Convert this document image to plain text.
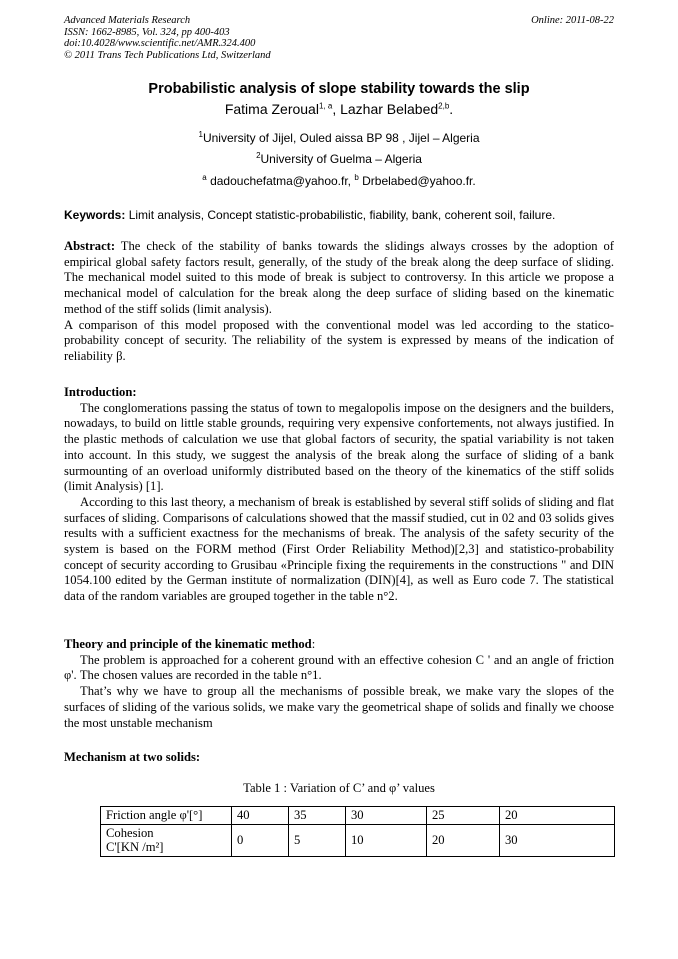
Advanced Materials Research
ISSN: 1662-8985, Vol. 324, pp 400-403
doi:10.4028/www.scientific.net/AMR.324.400
© 2011 Trans Tech Publications Ltd, Switzerland
Online: 2011-08-22
Probabilistic analysis of slope stability towards the slip
Fatima Zeroual$^{1, a}$, Lazhar Belabed$^{2,b}$.
$^1$University of Jijel, Ouled aissa BP 98 , Jijel – Algeria
$^2$University of Guelma – Algeria
$^a$ dadouchefatma@yahoo.fr, $^b$ Drbelabed@yahoo.fr.
Keywords: Limit analysis, Concept statistic-probabilistic, fiability, bank, coherent soil, failure.

Abstract: The check of the stability of banks towards the slidings always crosses by the adoption of empirical global safety factors result, generally, of the study of the break along the deep surface of sliding. The mechanical model suited to this mode of break is subject to controversy. In this article we propose a mechanical model of calculation for the break along the deep surface of sliding based on the kinematic method of the stiff solids (limit analysis).

A comparison of this model proposed with the conventional model was led according to the statico-probability concept of security. The reliability of the system is expressed by means of the indication of reliability β.

Introduction:

The conglomerations passing the status of town to megalopolis impose on the designers and the builders, nowadays, to build on little stable grounds, requiring very expensive confortements, not always justified. In the plastic methods of calculation we use that global factors of security, the spatial variability is not taken into account. In this study, we suggest the analysis of the break along the surface of sliding of a bank surmounting of an overload uniformly distributed based on the theory of the kinematics of the stiff solids (limit Analysis) [1].

According to this last theory, a mechanism of break is established by several stiff solids of sliding and flat surfaces of sliding. Comparisons of calculations showed that the massif studied, cut in 02 and 03 solids gives results with a sufficient exactness for the mechanisms of break. The analysis of the safety security of the system is based on the FORM method (First Order Reliability Method)[2,3] and statistico-probability concept of security according to Grusibau «Principle fixing the requirements in the constructions " and DIN 1054.100 edited by the German institute of normalization (DIN)[4], as well as Euro code 7. The statistical data of the random variables are grouped together in the table n°2.

Theory and principle of the kinematic method:

The problem is approached for a coherent ground with an effective cohesion C ' and an angle of friction φ'. The chosen values are recorded in the table n°1.

That’s why we have to group all the mechanisms of possible break, we make vary the slopes of the surfaces of sliding of the various solids, we make vary the geometrical shape of solids and finally we choose the most unstable mechanism

Mechanism at two solids:
Table 1 : Variation of C’ and φ’ values
Friction angle φ'[°]	40	35	30	25	20

Cohesion
C'[KN /m²]	0	5	10	20	30
